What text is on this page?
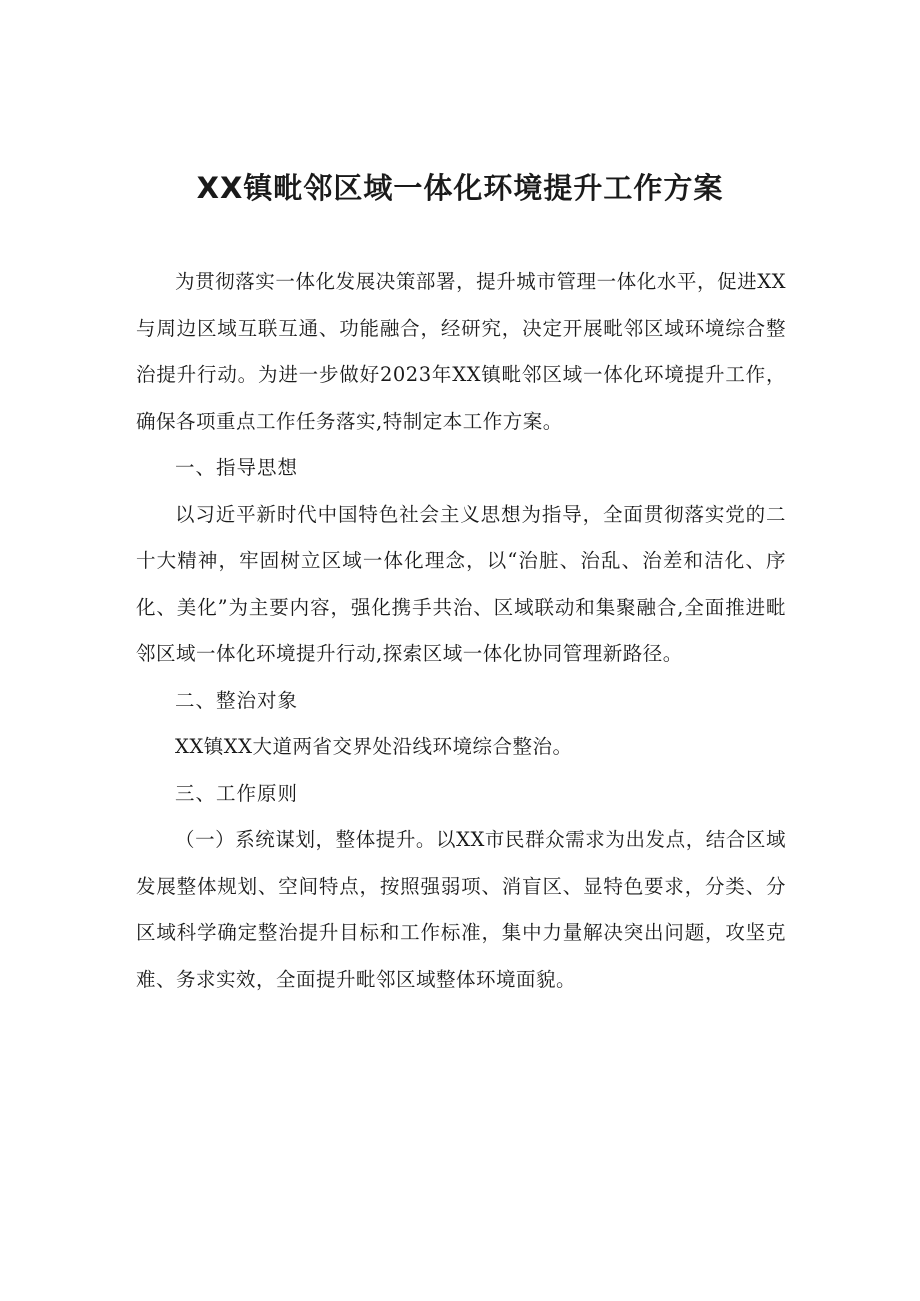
XX镇毗邻区域一体化环境提升工作方案

为贯彻落实一体化发展决策部署，提升城市管理一体化水平，促进XX与周边区域互联互通、功能融合，经研究，决定开展毗邻区域环境综合整治提升行动。为进一步做好2023年XX镇毗邻区域一体化环境提升工作，确保各项重点工作任务落实,特制定本工作方案。

一、指导思想

以习近平新时代中国特色社会主义思想为指导，全面贯彻落实党的二十大精神，牢固树立区域一体化理念，以“治脏、治乱、治差和洁化、序化、美化”为主要内容，强化携手共治、区域联动和集聚融合,全面推进毗邻区域一体化环境提升行动,探索区域一体化协同管理新路径。

二、整治对象

XX镇XX大道两省交界处沿线环境综合整治。

三、工作原则

（一）系统谋划，整体提升。以XX市民群众需求为出发点，结合区域发展整体规划、空间特点，按照强弱项、消盲区、显特色要求，分类、分区域科学确定整治提升目标和工作标准，集中力量解决突出问题，攻坚克难、务求实效，全面提升毗邻区域整体环境面貌。
